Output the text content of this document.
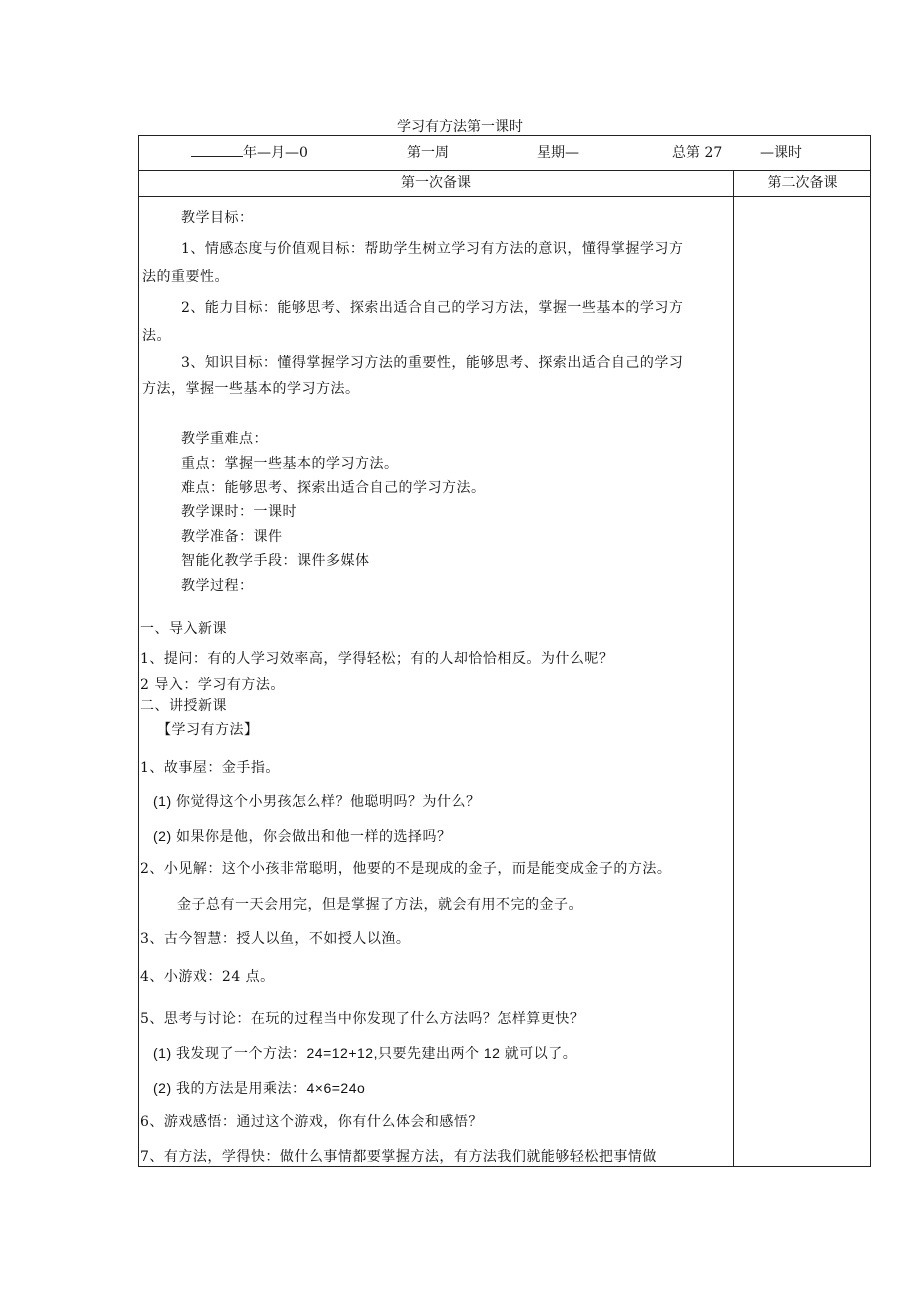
学习有方法第一课时
年—月—0	第一周	星期—	总第 27	—课时
第一次备课	第二次备课
教学目标：
1、情感态度与价值观目标：帮助学生树立学习有方法的意识，懂得掌握学习方
法的重要性。
2、能力目标：能够思考、探索出适合自己的学习方法，掌握一些基本的学习方
法。
3、知识目标：懂得掌握学习方法的重要性，能够思考、探索出适合自己的学习
方法，掌握一些基本的学习方法。
教学重难点：
重点：掌握一些基本的学习方法。
难点：能够思考、探索出适合自己的学习方法。
教学课时：一课时
教学准备：课件
智能化教学手段：课件多媒体
教学过程：
一、导入新课
1、提问：有的人学习效率高，学得轻松；有的人却恰恰相反。为什么呢？
2 导入：学习有方法。
二、讲授新课
【学习有方法】
1、故事屋：金手指。
(1) 你觉得这个小男孩怎么样？他聪明吗？为什么？
(2) 如果你是他，你会做出和他一样的选择吗？
2、小见解：这个小孩非常聪明，他要的不是现成的金子，而是能变成金子的方法。
金子总有一天会用完，但是掌握了方法，就会有用不完的金子。
3、古今智慧：授人以鱼，不如授人以渔。
4、小游戏：24 点。
5、思考与讨论：在玩的过程当中你发现了什么方法吗？怎样算更快？
(1) 我发现了一个方法：24=12+12,只要先建出两个 12 就可以了。
(2) 我的方法是用乘法：4×6=24o
6、游戏感悟：通过这个游戏，你有什么体会和感悟？
7、有方法，学得快：做什么事情都要掌握方法，有方法我们就能够轻松把事情做
